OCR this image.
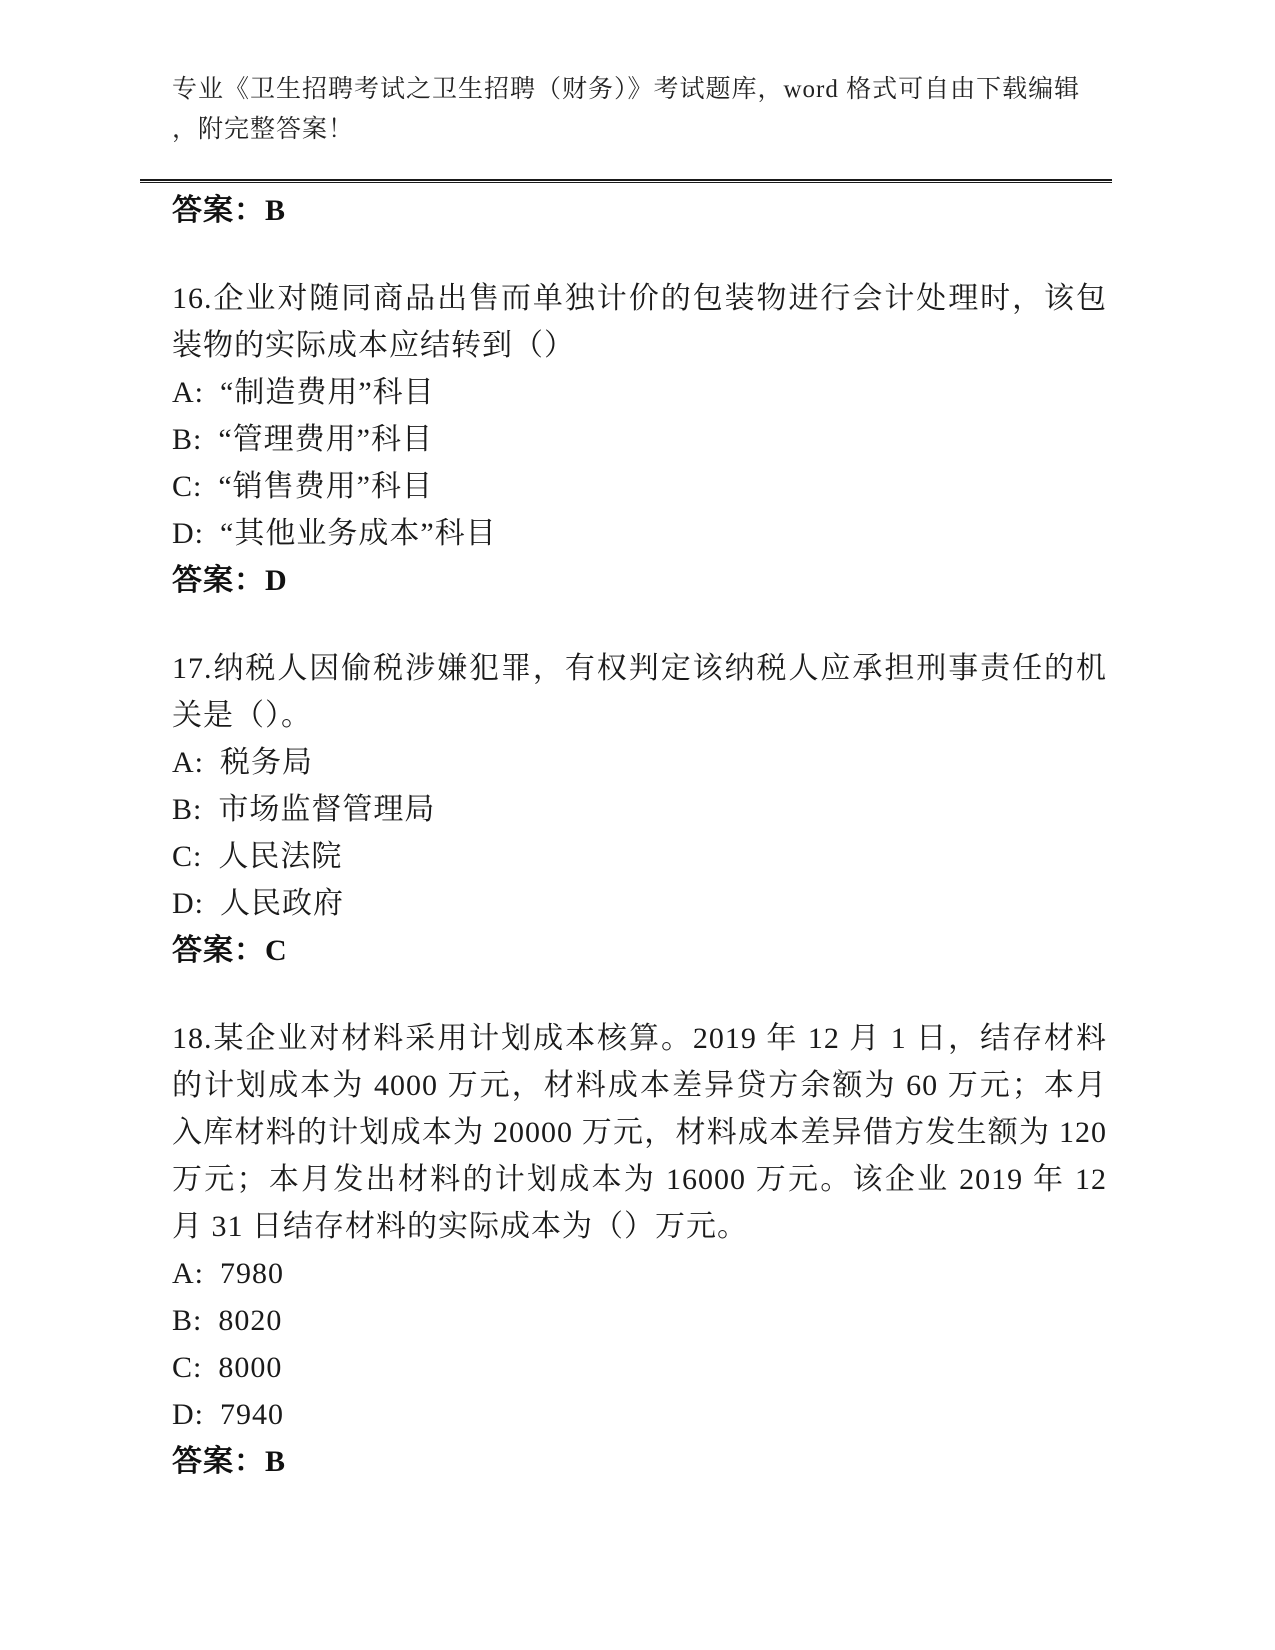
专业《卫生招聘考试之卫生招聘（财务）》考试题库，word 格式可自由下载编辑
，附完整答案！

答案：B

16.企业对随同商品出售而单独计价的包装物进行会计处理时，该包装物的实际成本应结转到（）

A: “制造费用”科目

B: “管理费用”科目

C: “销售费用”科目

D: “其他业务成本”科目

答案：D

17.纳税人因偷税涉嫌犯罪，有权判定该纳税人应承担刑事责任的机关是（）。

A: 税务局

B: 市场监督管理局

C: 人民法院

D: 人民政府

答案：C

18.某企业对材料采用计划成本核算。2019 年 12 月 1 日，结存材料的计划成本为 4000 万元，材料成本差异贷方余额为 60 万元；本月入库材料的计划成本为 20000 万元，材料成本差异借方发生额为 120 万元；本月发出材料的计划成本为 16000 万元。该企业 2019 年 12 月 31 日结存材料的实际成本为（）万元。

A: 7980

B: 8020

C: 8000

D: 7940

答案：B
